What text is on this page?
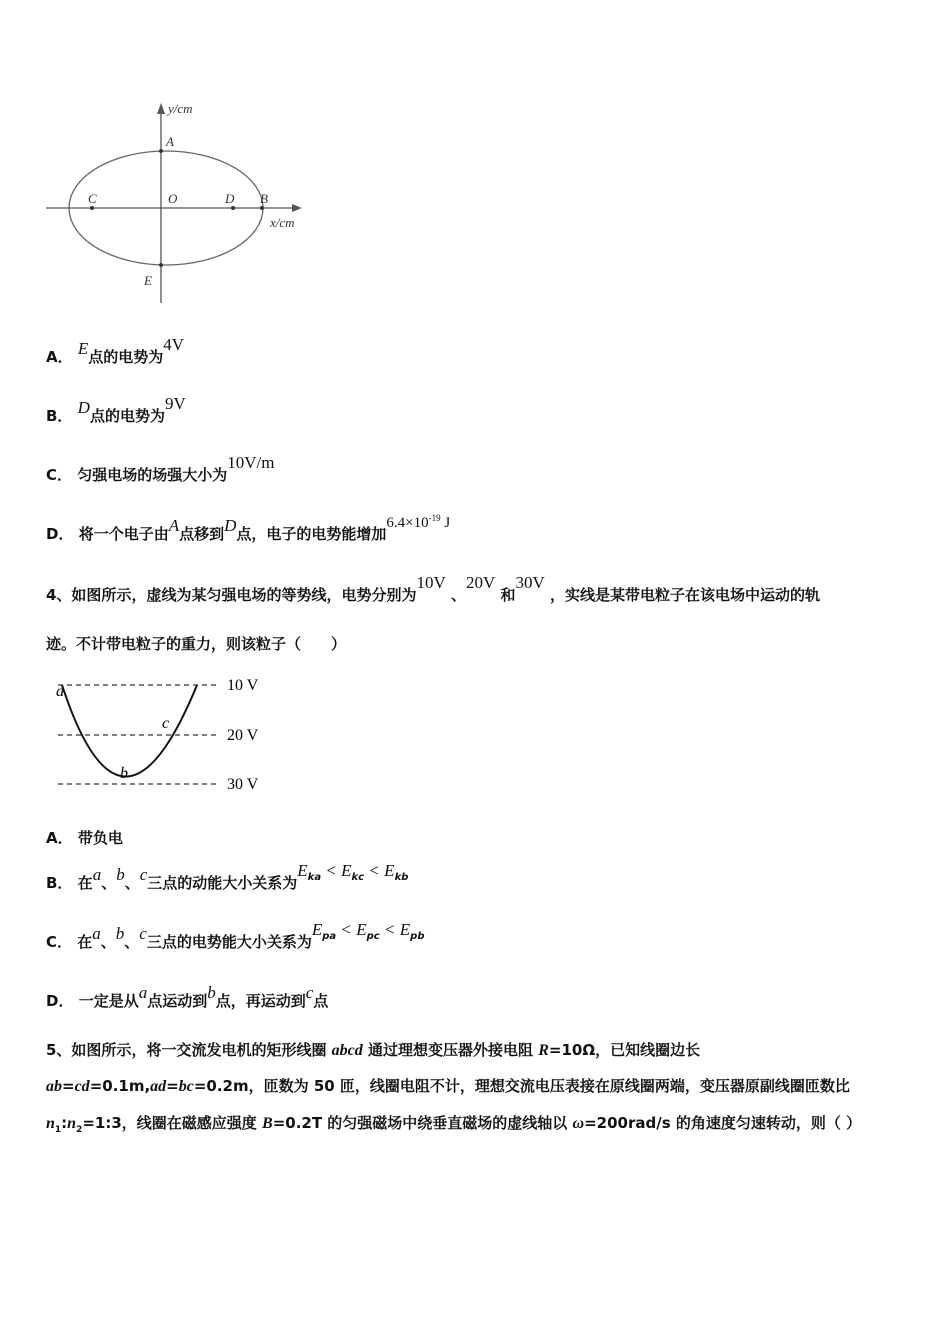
y/cm
x/cm
A
O
C	D B
E
A． E点的电势为4V
B． D点的电势为9V
C． 匀强电场的场强大小为10V/m
D． 将一个电子由A点移到D点，电子的电势能增加$6.4\times 10^{-19}$ J
4、如图所示，虚线为某匀强电场的等势线，电势分别为10V 、20V 和30V ，实线是某带电粒子在该电场中运动的轨
迹。不计带电粒子的重力，则该粒子（　　）
10 V
20 V
30 V
a
b
c
A． 带负电
B． 在a、b、c三点的动能大小关系为$E_{ka} < E_{kc} < E_{kb}$
C． 在a、b、c三点的电势能大小关系为$E_{pa} < E_{pc} < E_{pb}$
D． 一定是从a点运动到b点，再运动到c点
5、如图所示，将一交流发电机的矩形线圈 abcd 通过理想变压器外接电阻 R=10Ω，已知线圈边长
ab=cd=0.1m,ad=bc=0.2m，匝数为 50 匝，线圈电阻不计，理想交流电压表接在原线圈两端，变压器原副线圈匝数比
$n_1:n_2=1:3$，线圈在磁感应强度 B=0.2T 的匀强磁场中绕垂直磁场的虚线轴以 ω=200rad/s 的角速度匀速转动，则（ ）
